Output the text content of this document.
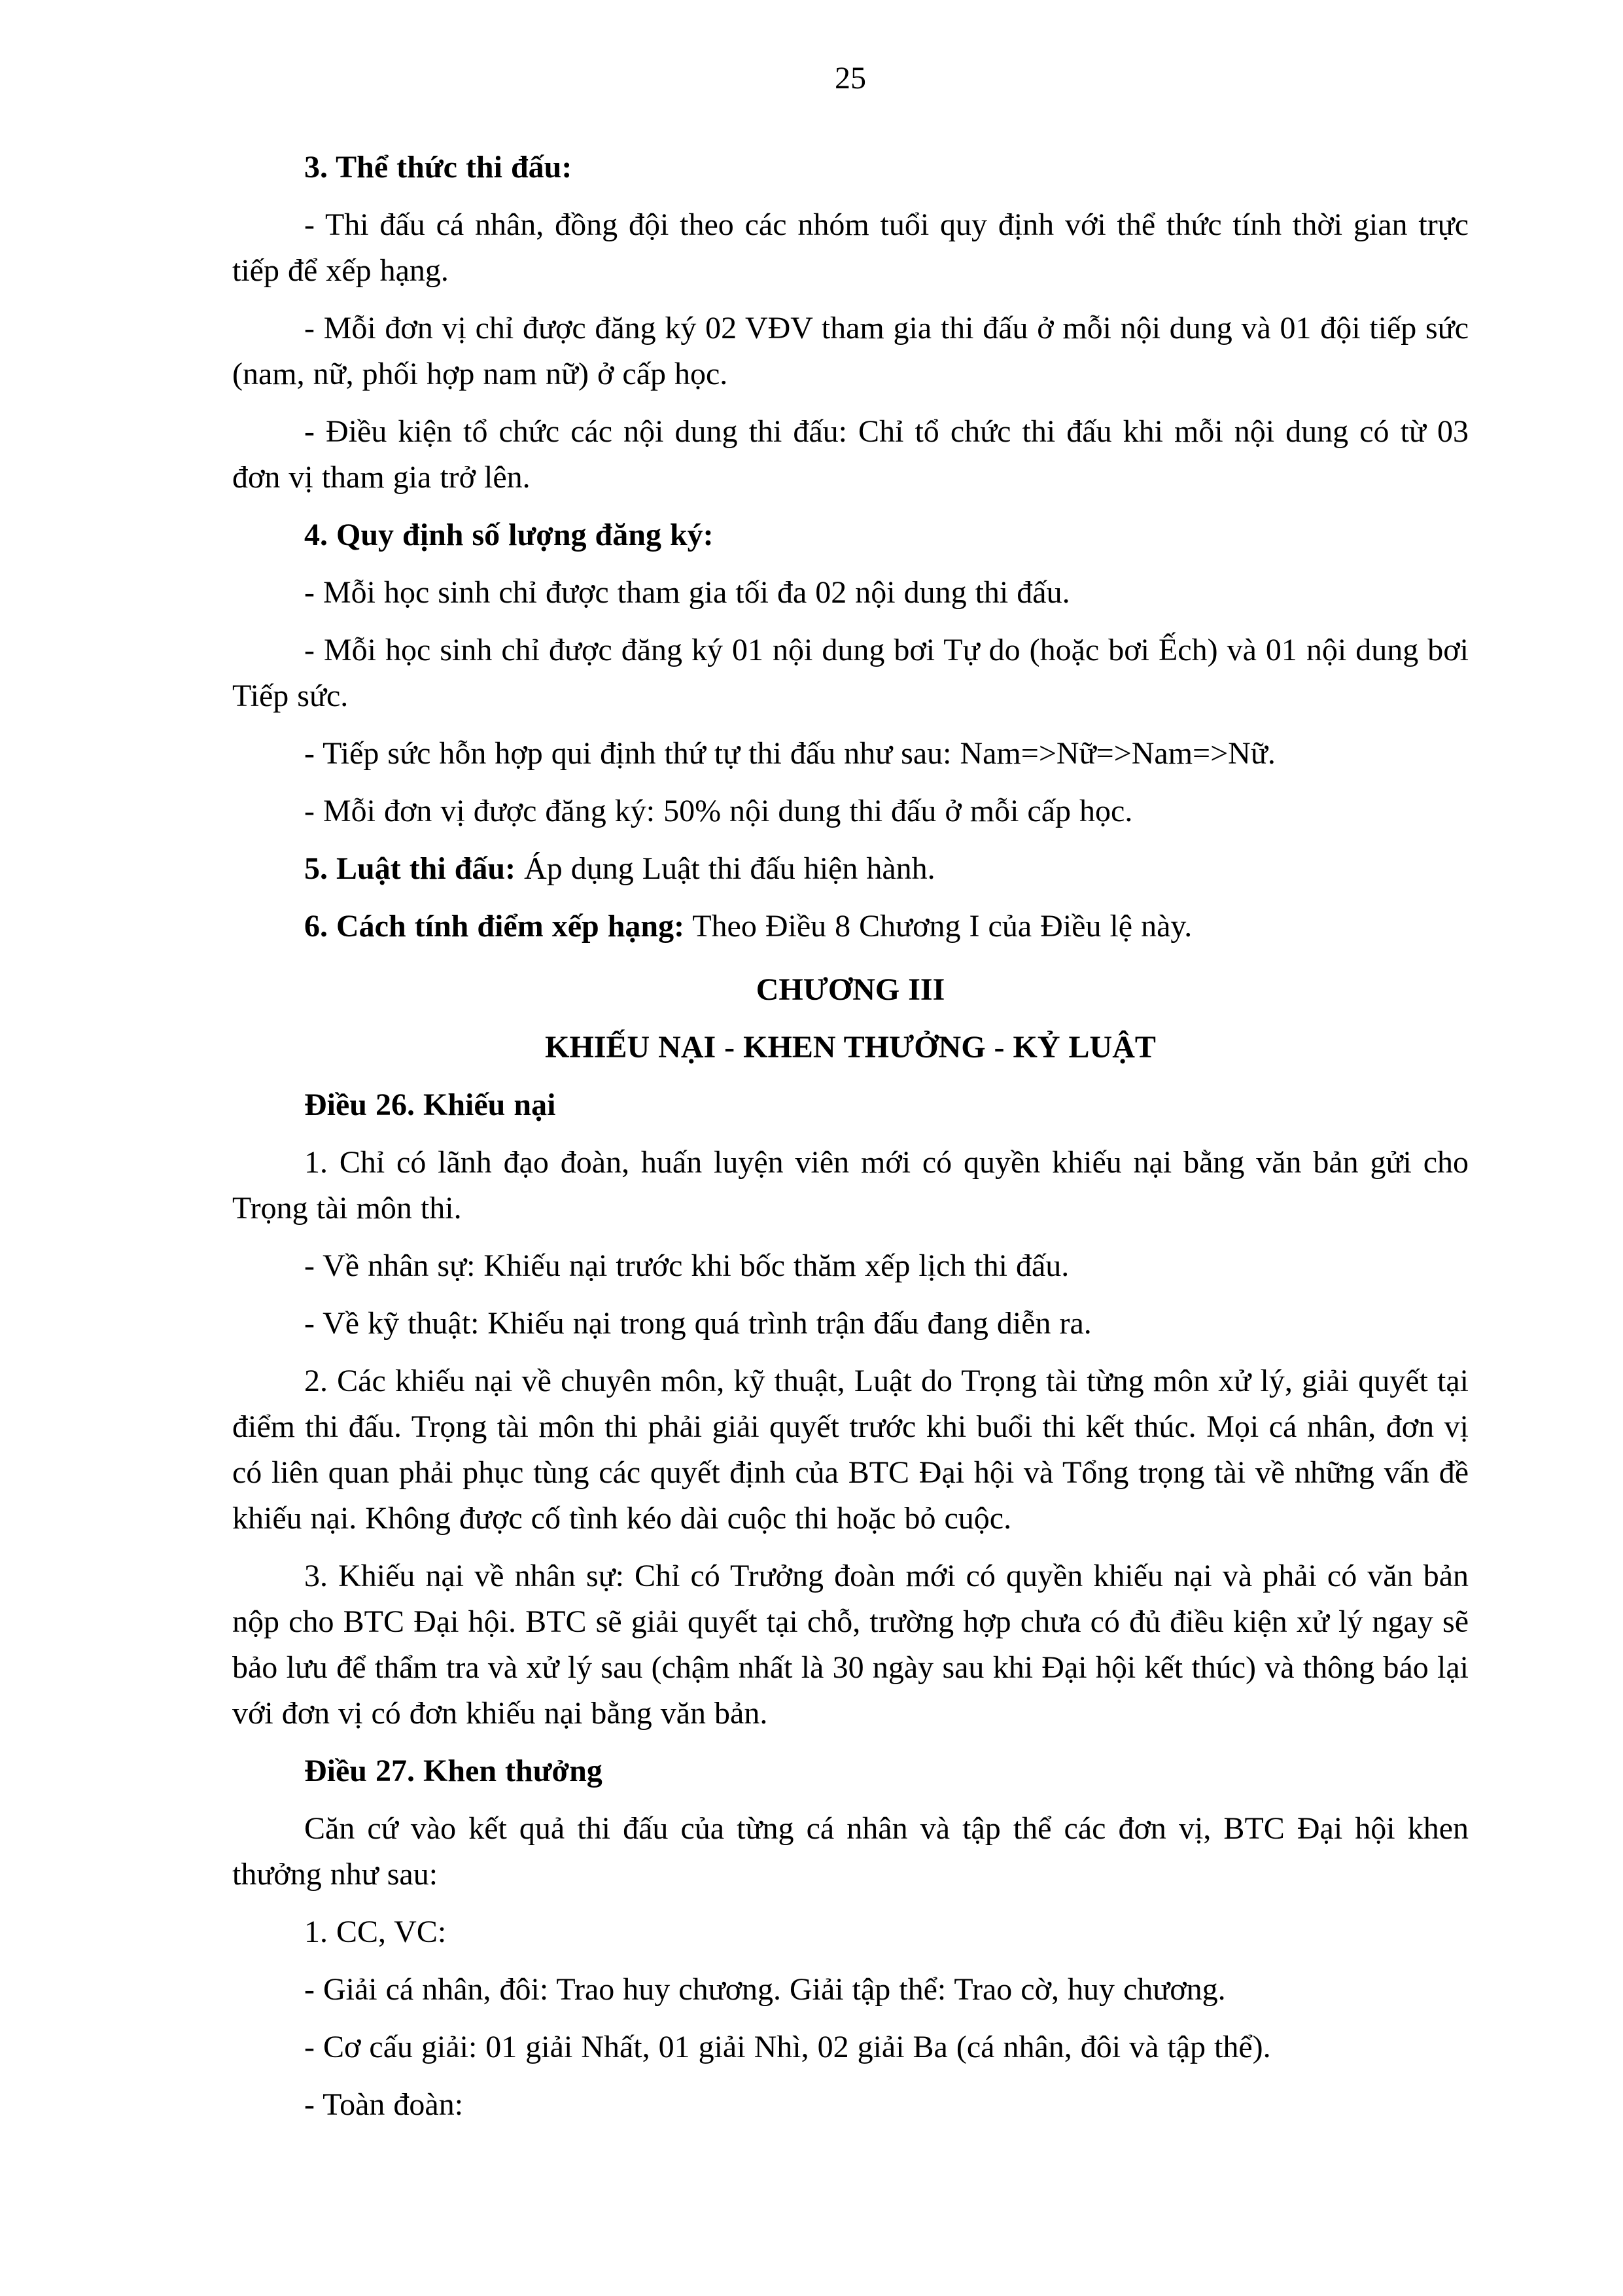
25

3. Thể thức thi đấu:

- Thi đấu cá nhân, đồng đội theo các nhóm tuổi quy định với thể thức tính thời gian trực tiếp để xếp hạng.

- Mỗi đơn vị chỉ được đăng ký 02 VĐV tham gia thi đấu ở mỗi nội dung và 01 đội tiếp sức (nam, nữ, phối hợp nam nữ) ở cấp học.

- Điều kiện tổ chức các nội dung thi đấu: Chỉ tổ chức thi đấu khi mỗi nội dung có từ 03 đơn vị tham gia trở lên.

4. Quy định số lượng đăng ký:

- Mỗi học sinh chỉ được tham gia tối đa 02 nội dung thi đấu.

- Mỗi học sinh chỉ được đăng ký 01 nội dung bơi Tự do (hoặc bơi Ếch) và 01 nội dung bơi Tiếp sức.

- Tiếp sức hỗn hợp qui định thứ tự thi đấu như sau: Nam=>Nữ=>Nam=>Nữ.

- Mỗi đơn vị được đăng ký: 50% nội dung thi đấu ở mỗi cấp học.

5. Luật thi đấu: Áp dụng Luật thi đấu hiện hành.

6. Cách tính điểm xếp hạng: Theo Điều 8 Chương I của Điều lệ này.

CHƯƠNG III

KHIẾU NẠI - KHEN THƯỞNG - KỶ LUẬT

Điều 26. Khiếu nại

1. Chỉ có lãnh đạo đoàn, huấn luyện viên mới có quyền khiếu nại bằng văn bản gửi cho Trọng tài môn thi.

- Về nhân sự: Khiếu nại trước khi bốc thăm xếp lịch thi đấu.

- Về kỹ thuật: Khiếu nại trong quá trình trận đấu đang diễn ra.

2. Các khiếu nại về chuyên môn, kỹ thuật, Luật do Trọng tài từng môn xử lý, giải quyết tại điểm thi đấu. Trọng tài môn thi phải giải quyết trước khi buổi thi kết thúc. Mọi cá nhân, đơn vị có liên quan phải phục tùng các quyết định của BTC Đại hội và Tổng trọng tài về những vấn đề khiếu nại. Không được cố tình kéo dài cuộc thi hoặc bỏ cuộc.

3. Khiếu nại về nhân sự: Chỉ có Trưởng đoàn mới có quyền khiếu nại và phải có văn bản nộp cho BTC Đại hội. BTC sẽ giải quyết tại chỗ, trường hợp chưa có đủ điều kiện xử lý ngay sẽ bảo lưu để thẩm tra và xử lý sau (chậm nhất là 30 ngày sau khi Đại hội kết thúc) và thông báo lại với đơn vị có đơn khiếu nại bằng văn bản.

Điều 27. Khen thưởng

Căn cứ vào kết quả thi đấu của từng cá nhân và tập thể các đơn vị, BTC Đại hội khen thưởng như sau:

1. CC, VC:

- Giải cá nhân, đôi: Trao huy chương. Giải tập thể: Trao cờ, huy chương.

- Cơ cấu giải: 01 giải Nhất, 01 giải Nhì, 02 giải Ba (cá nhân, đôi và tập thể).

- Toàn đoàn:
